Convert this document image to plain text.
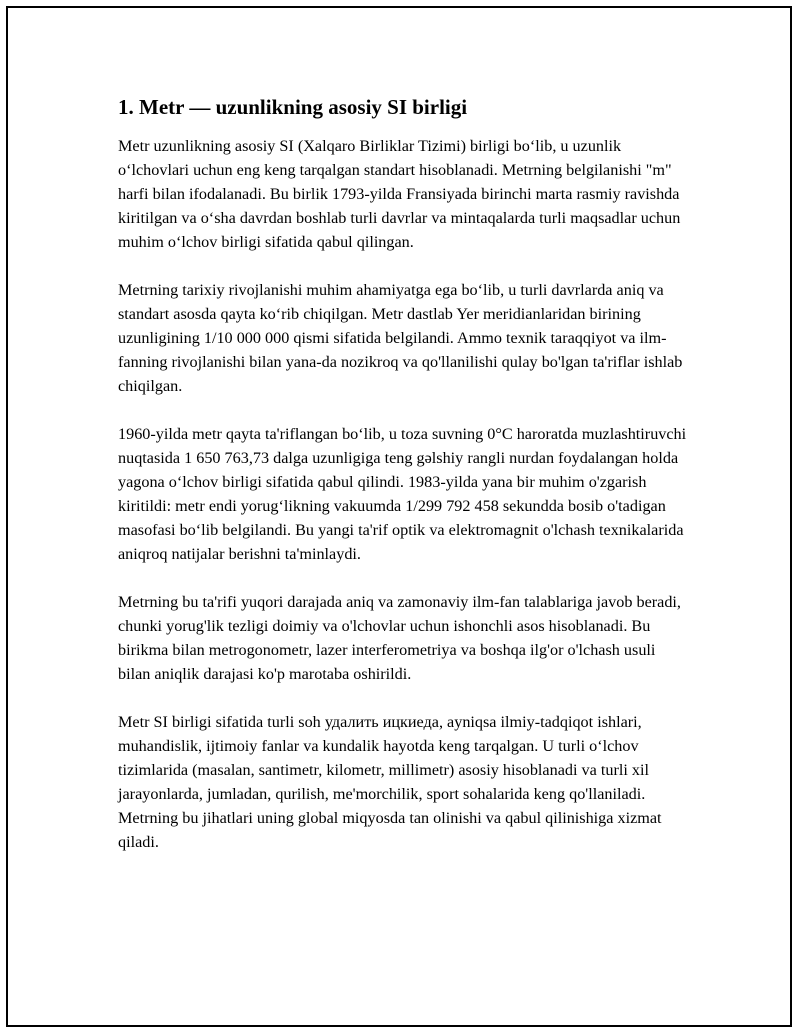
1. Metr — uzunlikning asosiy SI birligi

Metr uzunlikning asosiy SI (Xalqaro Birliklar Tizimi) birligi bo‘lib, u uzunlik o‘lchovlari uchun eng keng tarqalgan standart hisoblanadi. Metrning belgilanishi "m" harfi bilan ifodalanadi. Bu birlik 1793-yilda Fransiyada birinchi marta rasmiy ravishda kiritilgan va o‘sha davrdan boshlab turli davrlar va mintaqalarda turli maqsadlar uchun muhim o‘lchov birligi sifatida qabul qilingan.

Metrning tarixiy rivojlanishi muhim ahamiyatga ega bo‘lib, u turli davrlarda aniq va standart asosda qayta ko‘rib chiqilgan. Metr dastlab Yer meridianlaridan birining uzunligining 1/10 000 000 qismi sifatida belgilandi. Ammo texnik taraqqiyot va ilm-fanning rivojlanishi bilan yana-da nozikroq va qo'llanilishi qulay bo'lgan ta'riflar ishlab chiqilgan.

1960-yilda metr qayta ta'riflangan bo‘lib, u toza suvning 0°C haroratda muzlashtiruvchi nuqtasida 1 650 763,73 dalga uzunligiga teng gəlshiy rangli nurdan foydalangan holda yagona o‘lchov birligi sifatida qabul qilindi. 1983-yilda yana bir muhim o'zgarish kiritildi: metr endi yorug‘likning vakuumda 1/299 792 458 sekundda bosib o'tadigan masofasi bo‘lib belgilandi. Bu yangi ta'rif optik va elektromagnit o'lchash texnikalarida aniqroq natijalar berishni ta'minlaydi.

Metrning bu ta'rifi yuqori darajada aniq va zamonaviy ilm-fan talablariga javob beradi, chunki yorug'lik tezligi doimiy va o'lchovlar uchun ishonchli asos hisoblanadi. Bu birikma bilan metrogonometr, lazer interferometriya va boshqa ilg'or o'lchash usuli bilan aniqlik darajasi ko'p marotaba oshirildi.

Metr SI birligi sifatida turli soh удалить ицкиеда, ayniqsa ilmiy-tadqiqot ishlari, muhandislik, ijtimoiy fanlar va kundalik hayotda keng tarqalgan. U turli o‘lchov tizimlarida (masalan, santimetr, kilometr, millimetr) asosiy hisoblanadi va turli xil jarayonlarda, jumladan, qurilish, me'morchilik, sport sohalarida keng qo'llaniladi. Metrning bu jihatlari uning global miqyosda tan olinishi va qabul qilinishiga xizmat qiladi.
